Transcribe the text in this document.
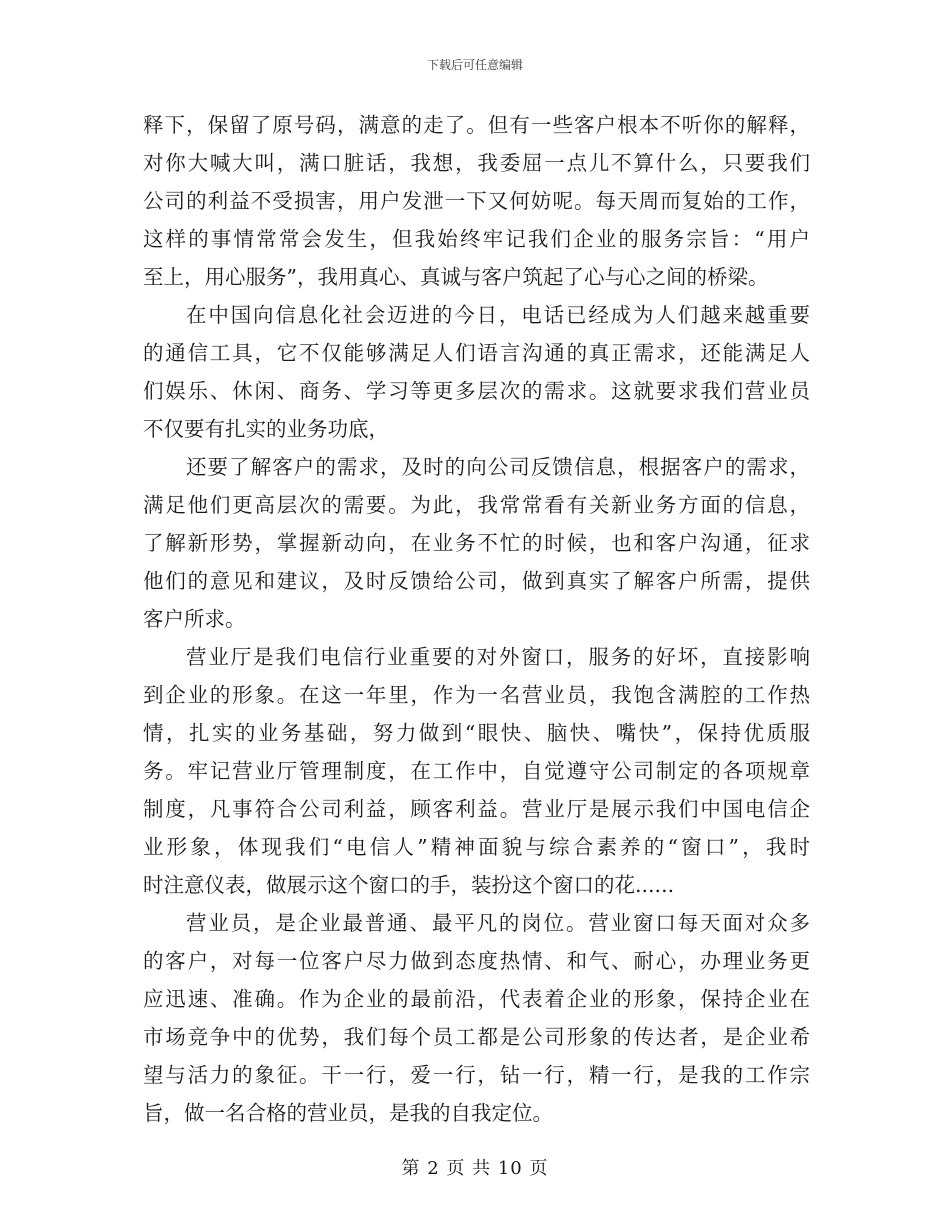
下载后可任意编辑
释下，保留了原号码，满意的走了。但有一些客户根本不听你的解释，
对你大喊大叫，满口脏话，我想，我委屈一点儿不算什么，只要我们
公司的利益不受损害，用户发泄一下又何妨呢。每天周而复始的工作，
这样的事情常常会发生，但我始终牢记我们企业的服务宗旨：“用户
至上，用心服务”，我用真心、真诚与客户筑起了心与心之间的桥梁。
在中国向信息化社会迈进的今日，电话已经成为人们越来越重要
的通信工具，它不仅能够满足人们语言沟通的真正需求，还能满足人
们娱乐、休闲、商务、学习等更多层次的需求。这就要求我们营业员
不仅要有扎实的业务功底，
还要了解客户的需求，及时的向公司反馈信息，根据客户的需求，
满足他们更高层次的需要。为此，我常常看有关新业务方面的信息，
了解新形势，掌握新动向，在业务不忙的时候，也和客户沟通，征求
他们的意见和建议，及时反馈给公司，做到真实了解客户所需，提供
客户所求。
营业厅是我们电信行业重要的对外窗口，服务的好坏，直接影响
到企业的形象。在这一年里，作为一名营业员，我饱含满腔的工作热
情，扎实的业务基础，努力做到“眼快、脑快、嘴快”，保持优质服
务。牢记营业厅管理制度，在工作中，自觉遵守公司制定的各项规章
制度，凡事符合公司利益，顾客利益。营业厅是展示我们中国电信企
业形象，体现我们“电信人”精神面貌与综合素养的“窗口”，我时
时注意仪表，做展示这个窗口的手，装扮这个窗口的花......
营业员，是企业最普通、最平凡的岗位。营业窗口每天面对众多
的客户，对每一位客户尽力做到态度热情、和气、耐心，办理业务更
应迅速、准确。作为企业的最前沿，代表着企业的形象，保持企业在
市场竞争中的优势，我们每个员工都是公司形象的传达者，是企业希
望与活力的象征。干一行，爱一行，钻一行，精一行，是我的工作宗
旨，做一名合格的营业员，是我的自我定位。
第 2 页 共 10 页
